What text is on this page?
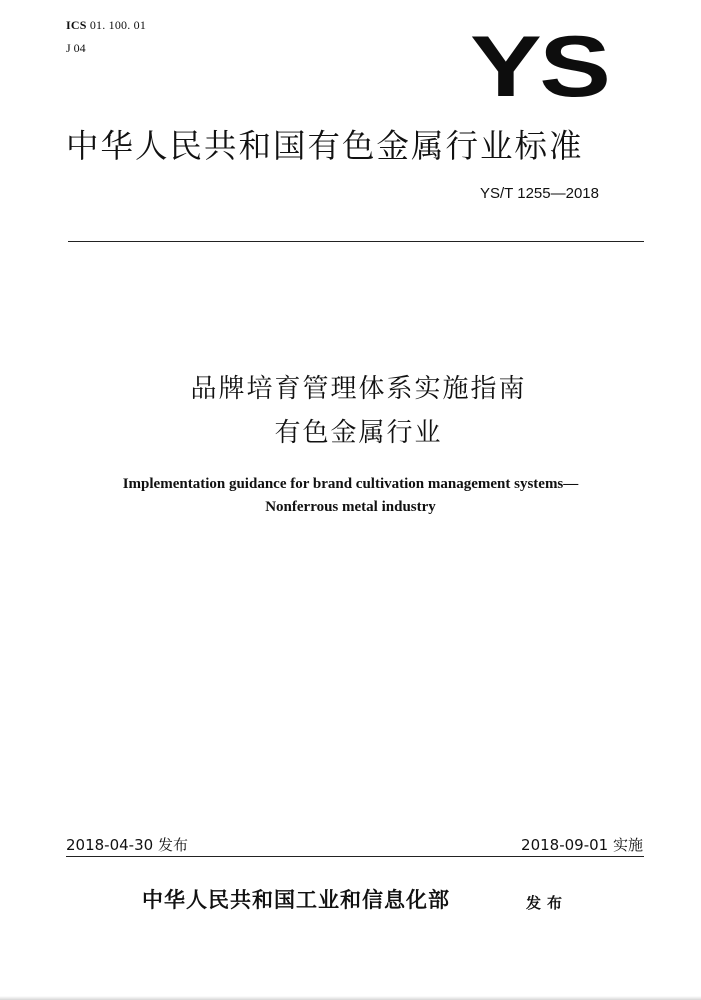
ICS 01. 100. 01
J 04	YS
中华人民共和国有色金属行业标准
YS/T 1255—2018
品牌培育管理体系实施指南
有色金属行业
Implementation guidance for brand cultivation management systems—
Nonferrous metal industry
2018-04-30 发布	2018-09-01 实施
中华人民共和国工业和信息化部	发布
